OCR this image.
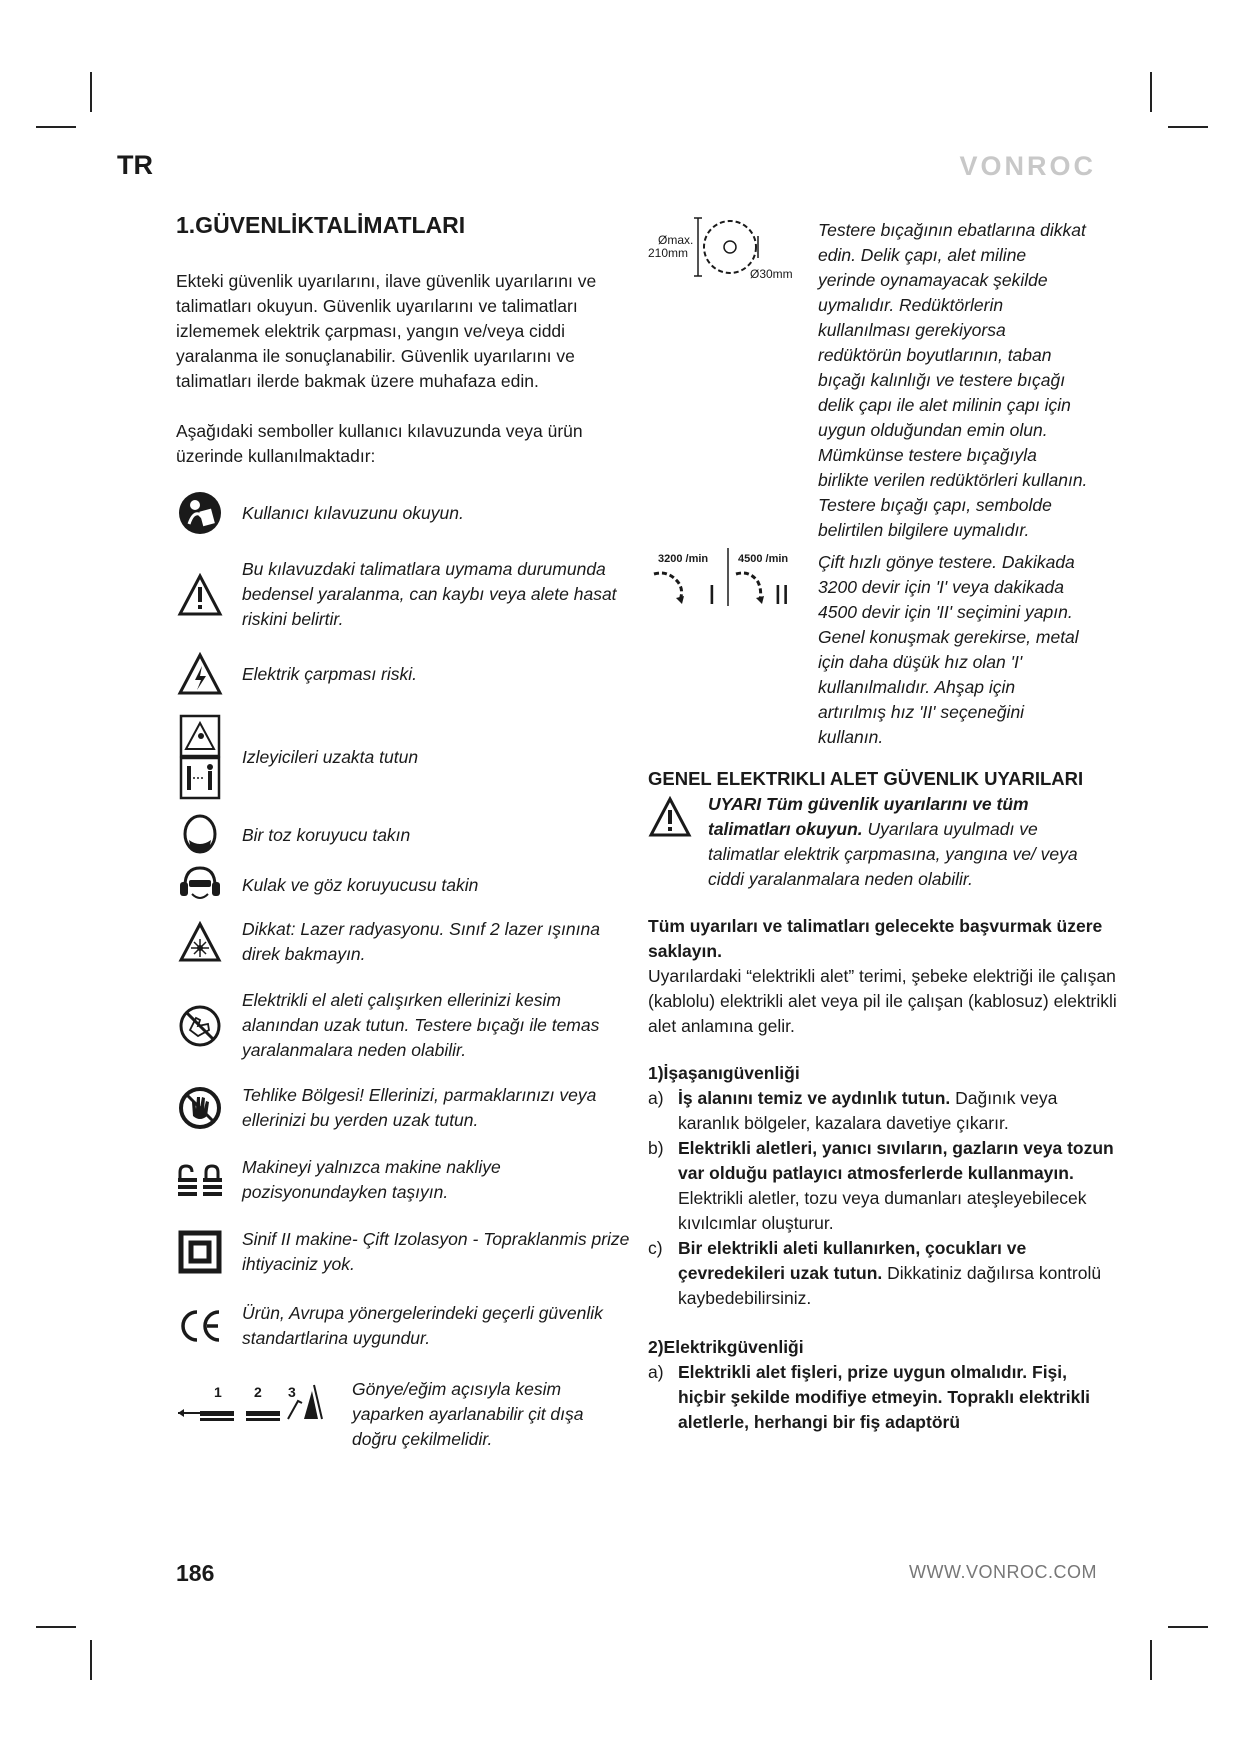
TR	VONROC
1.GÜVENLİKTALİMATLARI

Ekteki güvenlik uyarılarını, ilave güvenlik uyarılarını ve talimatları okuyun. Güvenlik uyarılarını ve talimatları izlememek elektrik çarpması, yangın ve/veya ciddi yaralanma ile sonuçlanabilir. Güvenlik uyarılarını ve talimatları ilerde bakmak üzere muhafaza edin.

Aşağıdaki semboller kullanıcı kılavuzunda veya ürün üzerinde kullanılmaktadır:

Kullanıcı kılavuzunu okuyun.
Bu kılavuzdaki talimatlara uymama durumunda bedensel yaralanma, can kaybı veya alete hasat riskini belirtir.
Elektrik çarpması riski.
Izleyicileri uzakta tutun
Bir toz koruyucu takın
Kulak ve göz koruyucusu takin
Dikkat: Lazer radyasyonu. Sınıf 2 lazer ışınına direk bakmayın.
Elektrikli el aleti çalışırken ellerinizi kesim alanından uzak tutun. Testere bıçağı ile temas yaralanmalara neden olabilir.
Tehlike Bölgesi! Ellerinizi, parmaklarınızı veya ellerinizi bu yerden uzak tutun.
Makineyi yalnızca makine nakliye pozisyonundayken taşıyın.
Sinif II makine- Çift Izolasyon - Topraklanmis prize ihtiyaciniz yok.
Ürün, Avrupa yönergelerindeki geçerli güvenlik standartlarina uygundur.
1 2 3	Gönye/eğim açısıyla kesim yaparken ayarlanabilir çit dışa doğru çekilmelidir.
Ømax.
210mm
Ø30mm
Testere bıçağının ebatlarına dikkat edin. Delik çapı, alet miline yerinde oynamayacak şekilde uymalıdır. Redüktörlerin kullanılması gerekiyorsa redüktörün boyutlarının, taban bıçağı kalınlığı ve testere bıçağı delik çapı ile alet milinin çapı için uygun olduğundan emin olun. Mümkünse testere bıçağıyla birlikte verilen redüktörleri kullanın. Testere bıçağı çapı, sembolde belirtilen bilgilere uymalıdır.
3200 /min	4500 /min
I II
Çift hızlı gönye testere. Dakikada 3200 devir için 'I' veya dakikada 4500 devir için 'II' seçimini yapın. Genel konuşmak gerekirse, metal için daha düşük hız olan 'I' kullanılmalıdır. Ahşap için artırılmış hız 'II' seçeneğini kullanın.
GENEL ELEKTRIKLI ALET GÜVENLIK UYARILARI
UYARI Tüm güvenlik uyarılarını ve tüm talimatları okuyun. Uyarılara uyulmadı ve talimatlar elektrik çarpmasına, yangına ve/ veya ciddi yaralanmalara neden olabilir.

Tüm uyarıları ve talimatları gelecekte başvurmak üzere saklayın.

Uyarılardaki “elektrikli alet” terimi, şebeke elektriği ile çalışan (kablolu) elektrikli alet veya pil ile çalışan (kablosuz) elektrikli alet anlamına gelir.

1)İşaşanıgüvenliği

a) İş alanını temiz ve aydınlık tutun. Dağınık veya karanlık bölgeler, kazalara davetiye çıkarır.
b) Elektrikli aletleri, yanıcı sıvıların, gazların veya tozun var olduğu patlayıcı atmosferlerde kullanmayın. Elektrikli aletler, tozu veya dumanları ateşleyebilecek kıvılcımlar oluşturur.
c) Bir elektrikli aleti kullanırken, çocukları ve çevredekileri uzak tutun. Dikkatiniz dağılırsa kontrolü kaybedebilirsiniz.

2)Elektrikgüvenliği

a) Elektrikli alet fişleri, prize uygun olmalıdır. Fişi, hiçbir şekilde modifiye etmeyin. Topraklı elektrikli aletlerle, herhangi bir fiş adaptörü
186	WWW.VONROC.COM
